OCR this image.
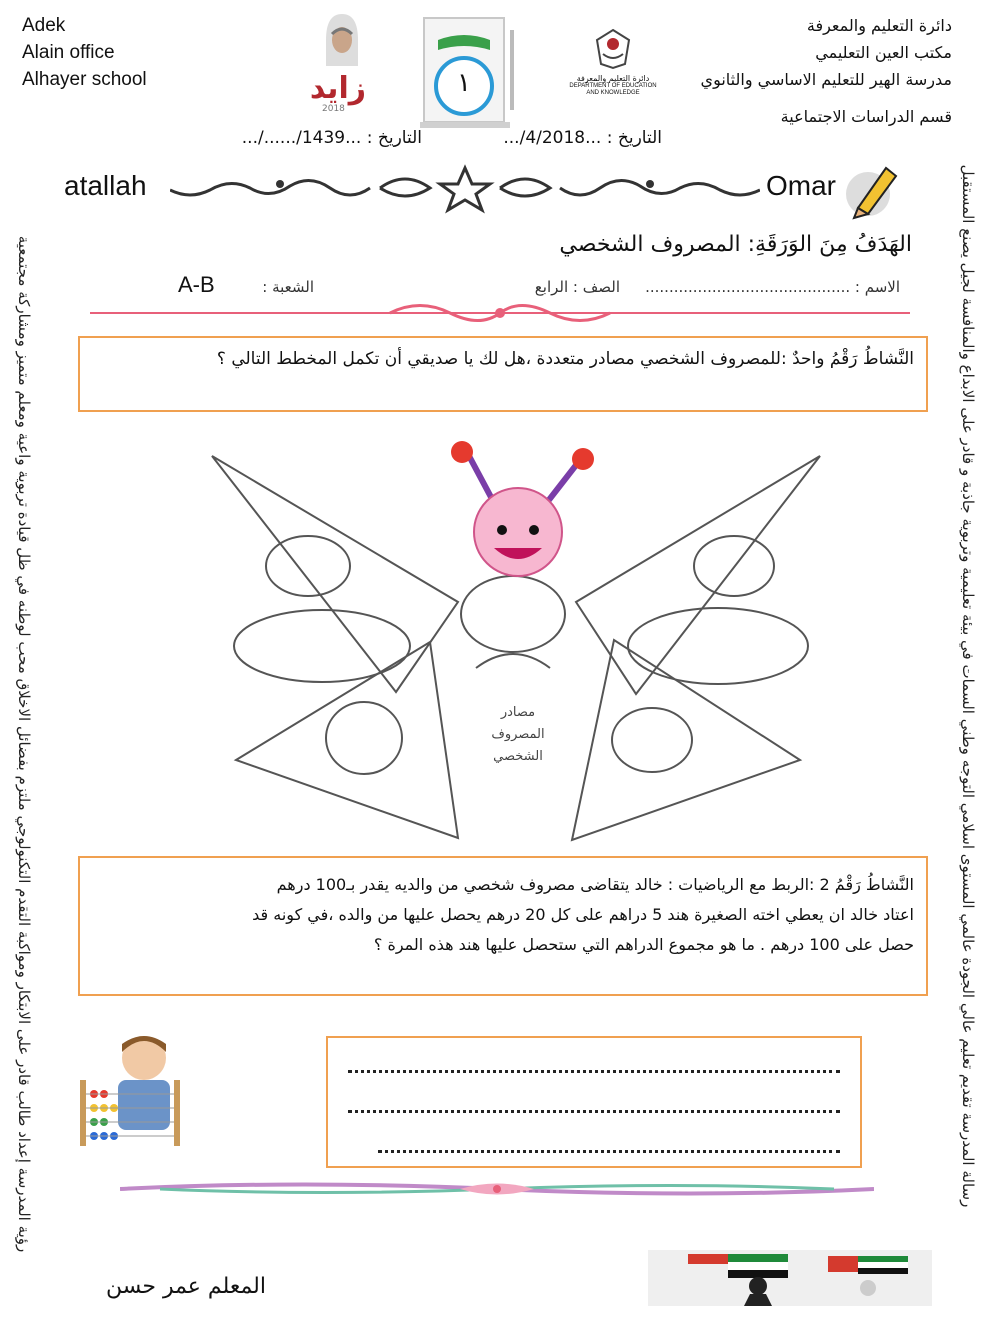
Adek
Alain office
Alhayer school
دائرة التعليم والمعرفة
مكتب العين التعليمي
مدرسة الهير للتعليم الاساسي والثانوي
قسم الدراسات الاجتماعية
زايد
2018
١	دائرة التعليم والمعرفة
DEPARTMENT OF EDUCATION AND KNOWLEDGE
التاريخ : ...1439/....../...	التاريخ : ...4/2018/...
atallah	Omar
الهَدَفُ مِنَ الوَرَقَةِ: المصروف الشخصي
الاسم : ...........................................
الصف : الرابع
الشعبة :
A-B
النَّشاطُ رَقْمُ واحدٌ :للمصروف الشخصي مصادر متعددة ،هل لك يا صديقي أن تكمل المخطط التالي ؟
مصادر
المصروف
الشخصي
النَّشاطُ رَقْمُ 2 :الربط مع الرياضيات : خالد يتقاضى مصروف شخصي من والديه يقدر بـ100 درهم
اعتاد خالد ان يعطي اخته الصغيرة هند 5 دراهم على كل 20 درهم يحصل عليها من والده ،في كونه قد
حصل على 100 درهم . ما هو مجموع الدراهم التي ستحصل عليها هند هذه المرة ؟
رؤية المدرسة إعداد طالب قادر على الابتكار ومواكبة التقدم التكنولوجي ملتزم بفضائل الاخلاق محب لوطنه في ظل قيادة تربوية واعية ومعلم متميز ومشاركة مجتمعية	رسالة المدرسة تقديم تعليم عالي الجودة عالمي المستوى اسلامي التوجه وطني السمات في بيئة تعليمية وتربوية جاذبة و قادر على الابداع والمنافسة لجيل يصنع المستقبل
المعلم عمر حسن
